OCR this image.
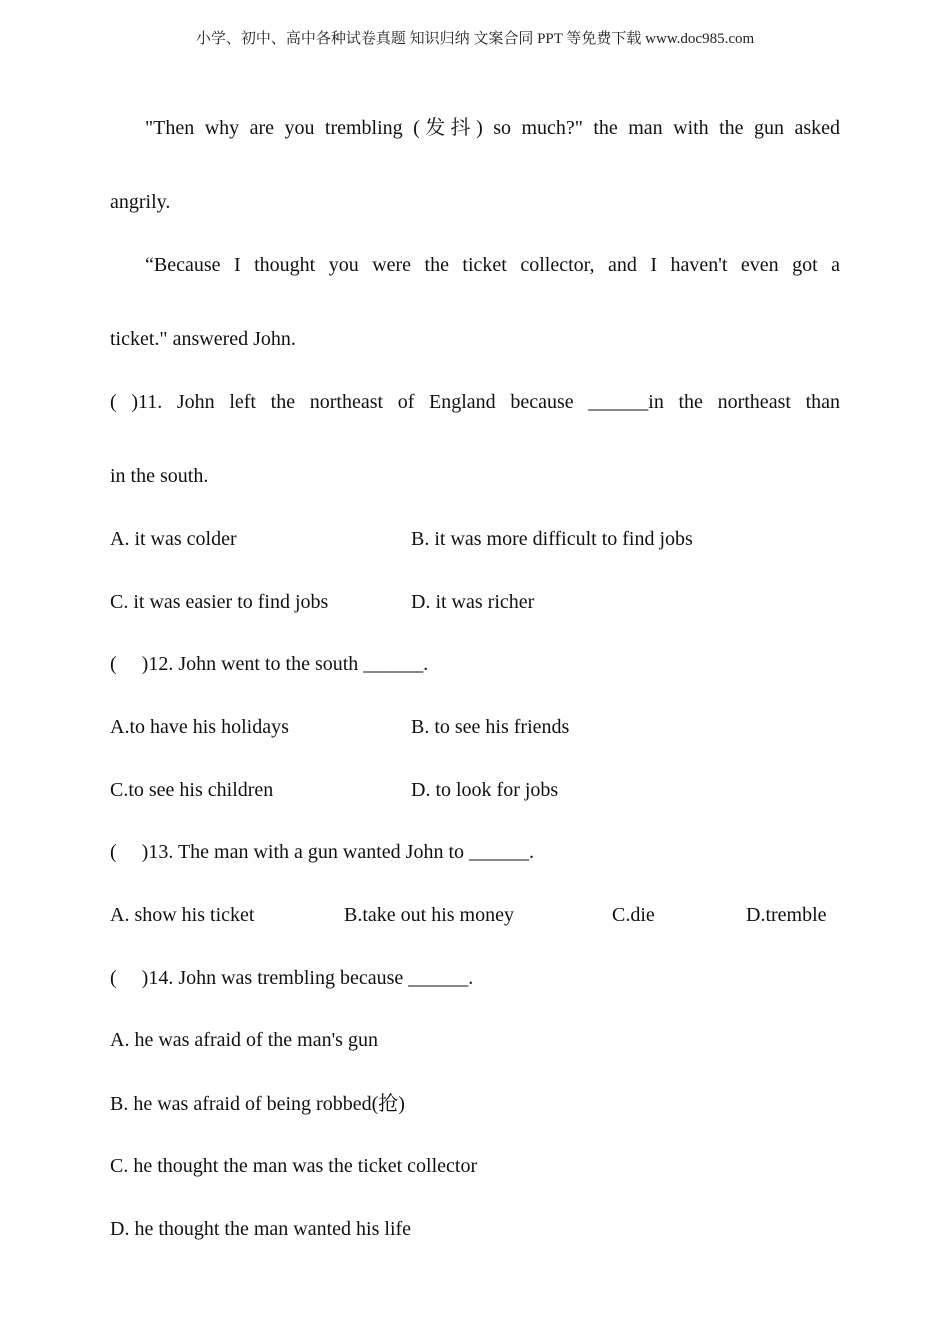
小学、初中、高中各种试卷真题 知识归纳 文案合同 PPT 等免费下载 www.doc985.com
"Then why are you trembling (发抖) so much?" the man with the gun asked
angrily.
“Because I thought you were the ticket collector, and I haven't even got a
ticket." answered John.
( )11. John left the northeast of England because ______in the northeast than
in the south.
A. it was colder	B. it was more difficult to find jobs
C. it was easier to find jobs	D. it was richer
(     )12. John went to the south ______.
A.to have his holidays	B. to see his friends
C.to see his children	D. to look for jobs
(     )13. The man with a gun wanted John to ______.
A. show his ticket	B.take out his money	C.die	D.tremble
(     )14. John was trembling because ______.
A. he was afraid of the man's gun
B. he was afraid of being robbed(抢)
C. he thought the man was the ticket collector
D. he thought the man wanted his life
